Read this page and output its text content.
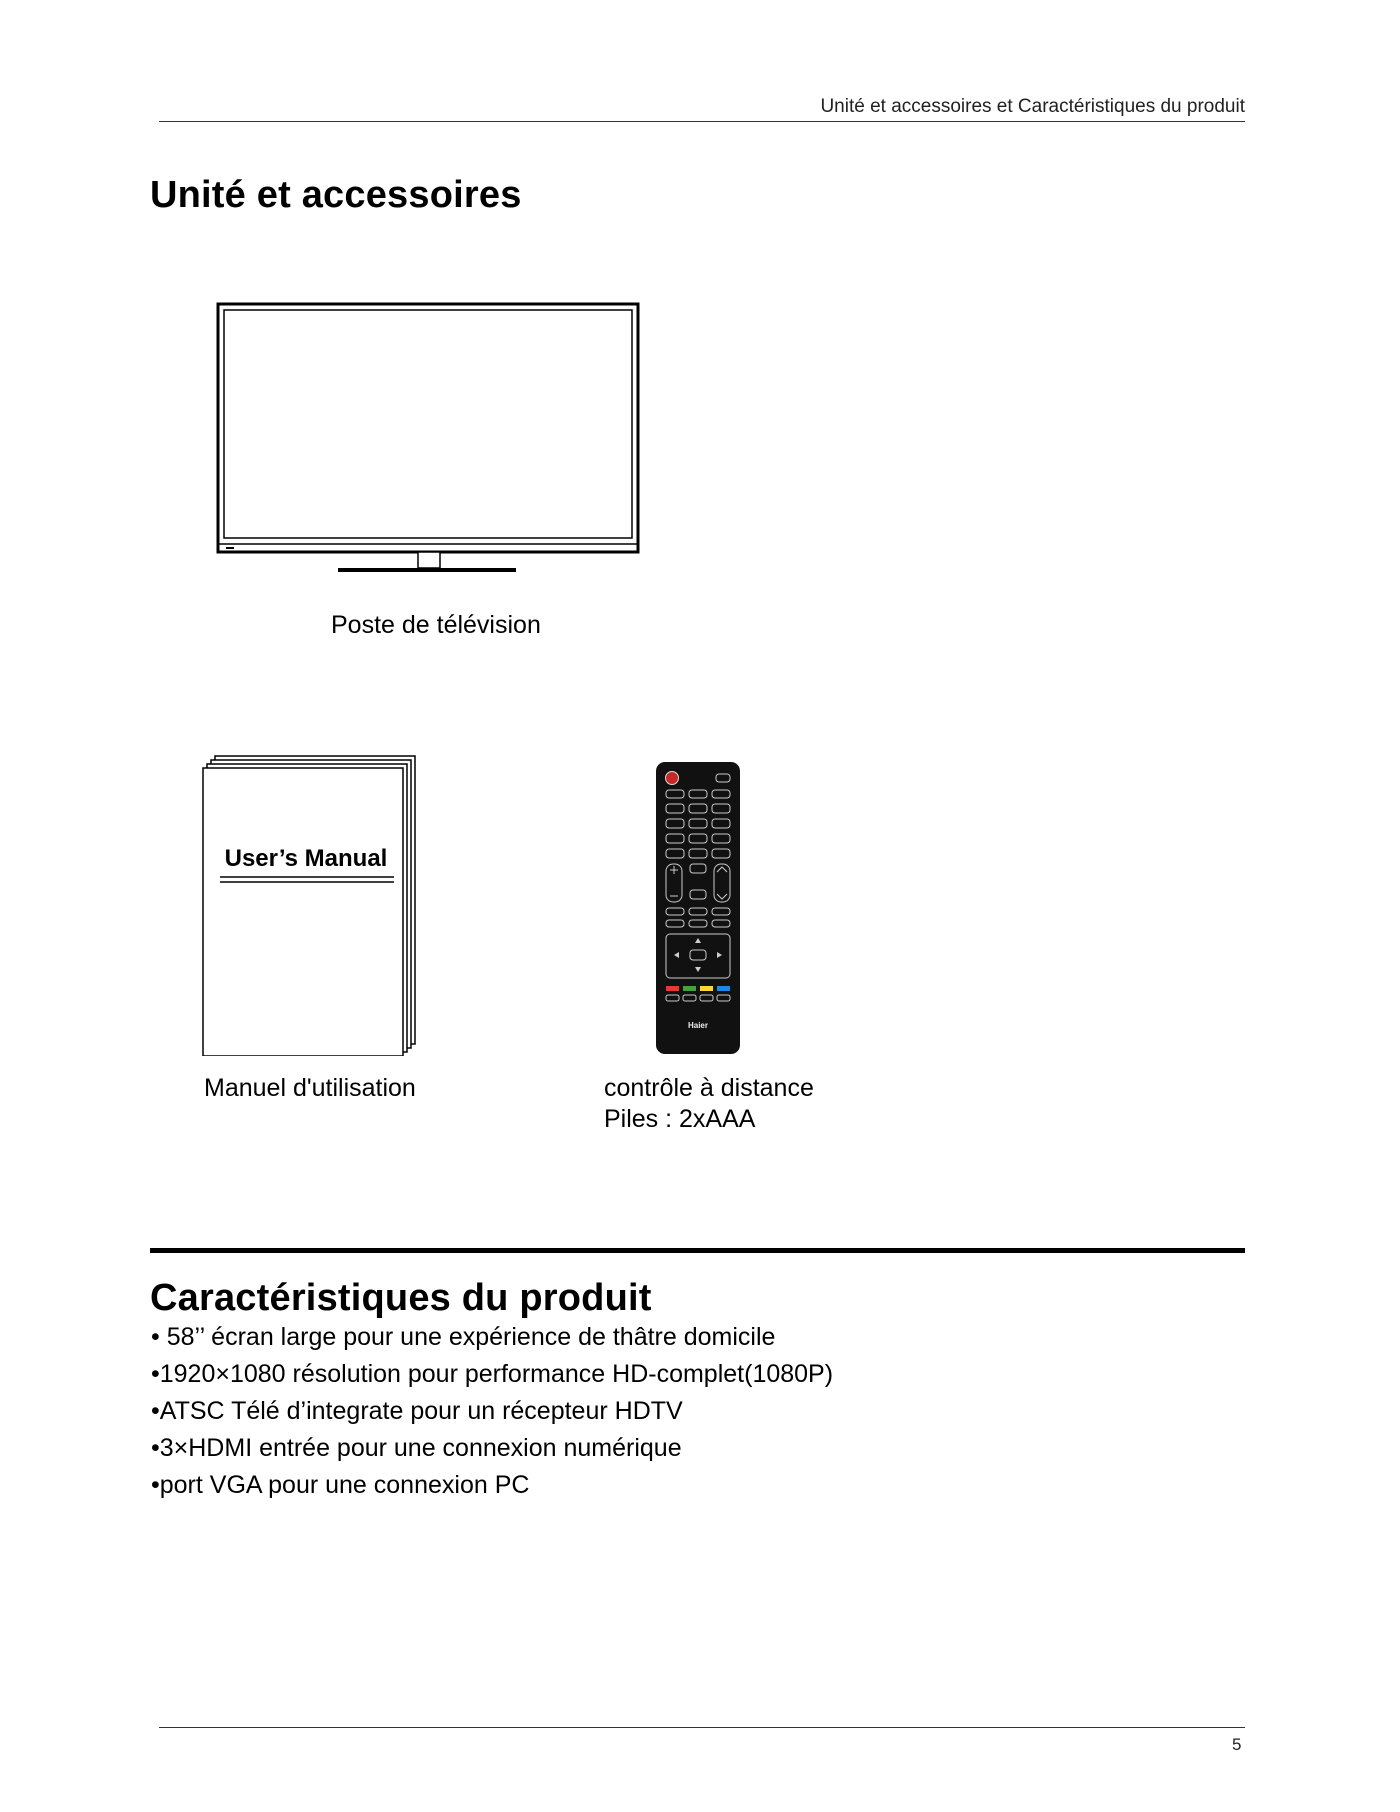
Unité et accessoires et Caractéristiques du produit
Unité et accessoires
Poste de télévision
User’s Manual
Manuel d'utilisation
Haier
contrôle à distance
Piles : 2xAAA
Caractéristiques du produit
• 58’’ écran large pour une expérience de thâtre domicile
•1920×1080 résolution pour performance HD-complet(1080P)
•ATSC Télé d’integrate pour un récepteur HDTV
•3×HDMI entrée pour une connexion numérique
•port VGA pour une connexion PC
5
